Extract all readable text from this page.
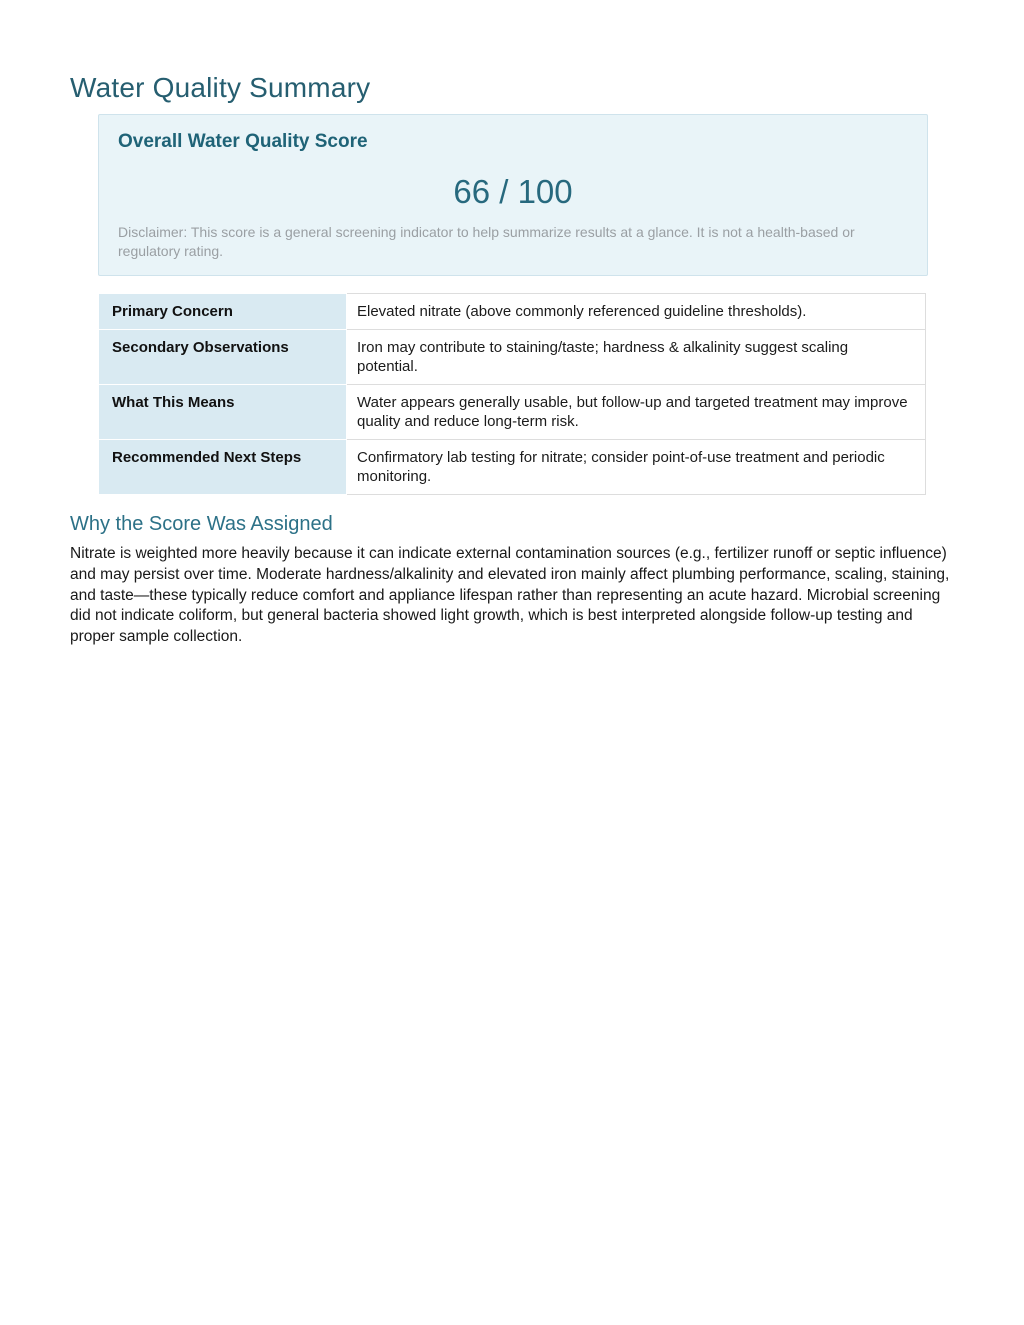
Water Quality Summary
Overall Water Quality Score
66 / 100

Disclaimer: This score is a general screening indicator to help summarize results at a glance. It is not a health-based or regulatory rating.

Primary Concern	Elevated nitrate (above commonly referenced guideline thresholds).
Secondary Observations	Iron may contribute to staining/taste; hardness & alkalinity suggest scaling potential.
What This Means	Water appears generally usable, but follow-up and targeted treatment may improve quality and reduce long-term risk.
Recommended Next Steps	Confirmatory lab testing for nitrate; consider point-of-use treatment and periodic monitoring.
Why the Score Was Assigned

Nitrate is weighted more heavily because it can indicate external contamination sources (e.g., fertilizer runoff or septic influence) and may persist over time. Moderate hardness/alkalinity and elevated iron mainly affect plumbing performance, scaling, staining, and taste—these typically reduce comfort and appliance lifespan rather than representing an acute hazard. Microbial screening did not indicate coliform, but general bacteria showed light growth, which is best interpreted alongside follow-up testing and proper sample collection.
